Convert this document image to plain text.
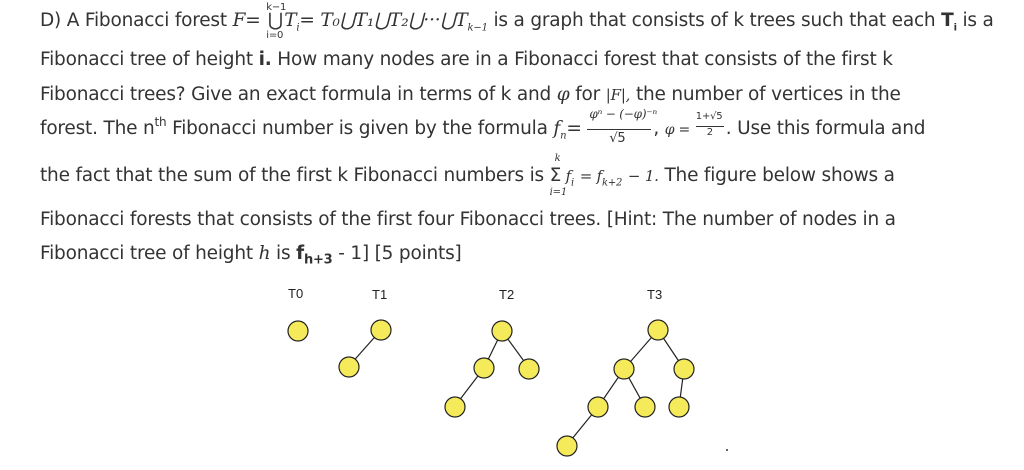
D) A Fibonacci forest F=
k−1
⋃
i=0
$T_i=$ $T_0⋃T_1⋃T_2⋃\cdot\cdot\cdot⋃T_{k-1}$ is a graph that consists of k trees such that each $T_i$ is a
Fibonacci tree of height i. How many nodes are in a Fibonacci forest that consists of the first k
Fibonacci trees? Give an exact formula in terms of k and φ for |F|, the number of vertices in the
forest. The $n^{th}$ Fibonacci number is given by the formula $f_n= \frac{\text{φⁿ − (−φ)⁻ⁿ}}{√5}$ , $\varphi = \frac{1+√5}{2}$ . Use this formula and
the fact that the sum of the first k Fibonacci numbers is
k
Σ
i=1
$f_i = f_{k+2} - 1$. The figure below shows a
Fibonacci forests that consists of the first four Fibonacci trees. [Hint: The number of nodes in a
Fibonacci tree of height h is $f_{h+3} - 1$] [5 points]
T0	T1	T2	T3
